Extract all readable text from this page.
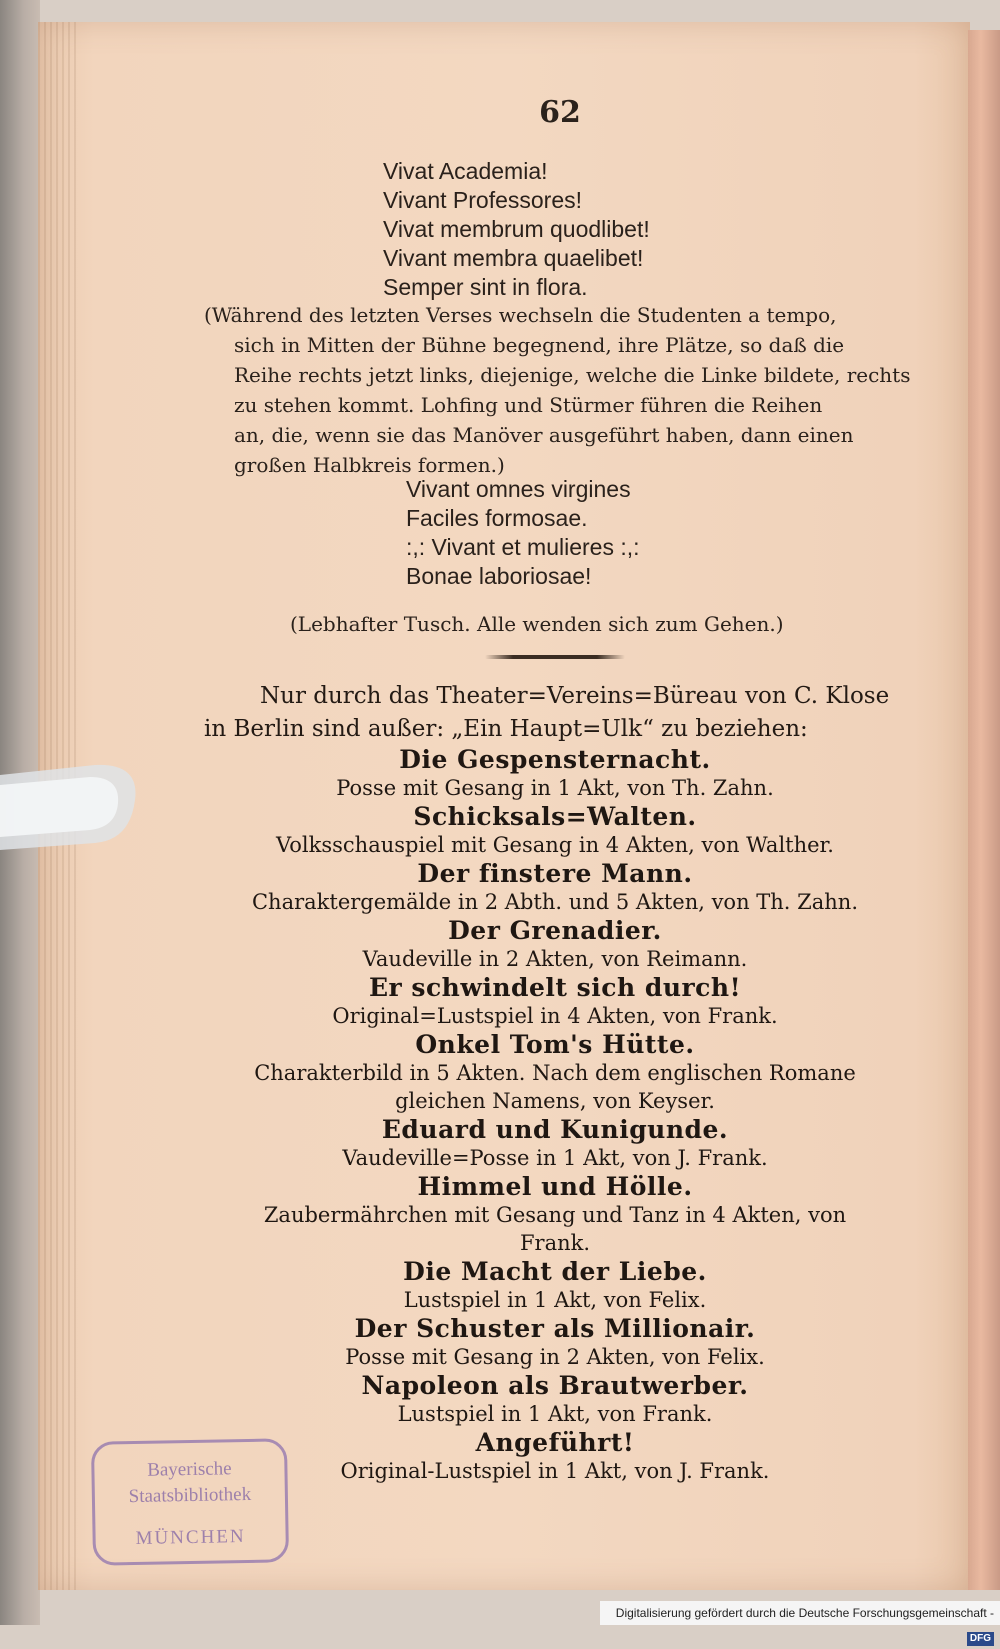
62
Vivat Academia!
Vivant Professores!
Vivat membrum quodlibet!
Vivant membra quaelibet!
Semper sint in flora.
(Während des letzten Verses wechseln die Studenten a tempo,
sich in Mitten der Bühne begegnend, ihre Plätze, so daß die
Reihe rechts jetzt links, diejenige, welche die Linke bildete, rechts
zu stehen kommt. Lohfing und Stürmer führen die Reihen
an, die, wenn sie das Manöver ausgeführt haben, dann einen
großen Halbkreis formen.)
Vivant omnes virgines
Faciles formosae.
:,: Vivant et mulieres :,:
Bonae laboriosae!
(Lebhafter Tusch. Alle wenden sich zum Gehen.)
Nur durch das Theater=Vereins=Büreau von C. Klose
in Berlin sind außer: „Ein Haupt=Ulk“ zu beziehen:
Die Gespensternacht.
Posse mit Gesang in 1 Akt, von Th. Zahn.
Schicksals=Walten.
Volksschauspiel mit Gesang in 4 Akten, von Walther.
Der finstere Mann.
Charaktergemälde in 2 Abth. und 5 Akten, von Th. Zahn.
Der Grenadier.
Vaudeville in 2 Akten, von Reimann.
Er schwindelt sich durch!
Original=Lustspiel in 4 Akten, von Frank.
Onkel Tom's Hütte.
Charakterbild in 5 Akten. Nach dem englischen Romane
gleichen Namens, von Keyser.
Eduard und Kunigunde.
Vaudeville=Posse in 1 Akt, von J. Frank.
Himmel und Hölle.
Zaubermährchen mit Gesang und Tanz in 4 Akten, von
Frank.
Die Macht der Liebe.
Lustspiel in 1 Akt, von Felix.
Der Schuster als Millionair.
Posse mit Gesang in 2 Akten, von Felix.
Napoleon als Brautwerber.
Lustspiel in 1 Akt, von Frank.
Angeführt!
Original-Lustspiel in 1 Akt, von J. Frank.
Bayerische
Staatsbibliothek
MÜNCHEN
Digitalisierung gefördert durch die Deutsche Forschungsgemeinschaft -DFG
